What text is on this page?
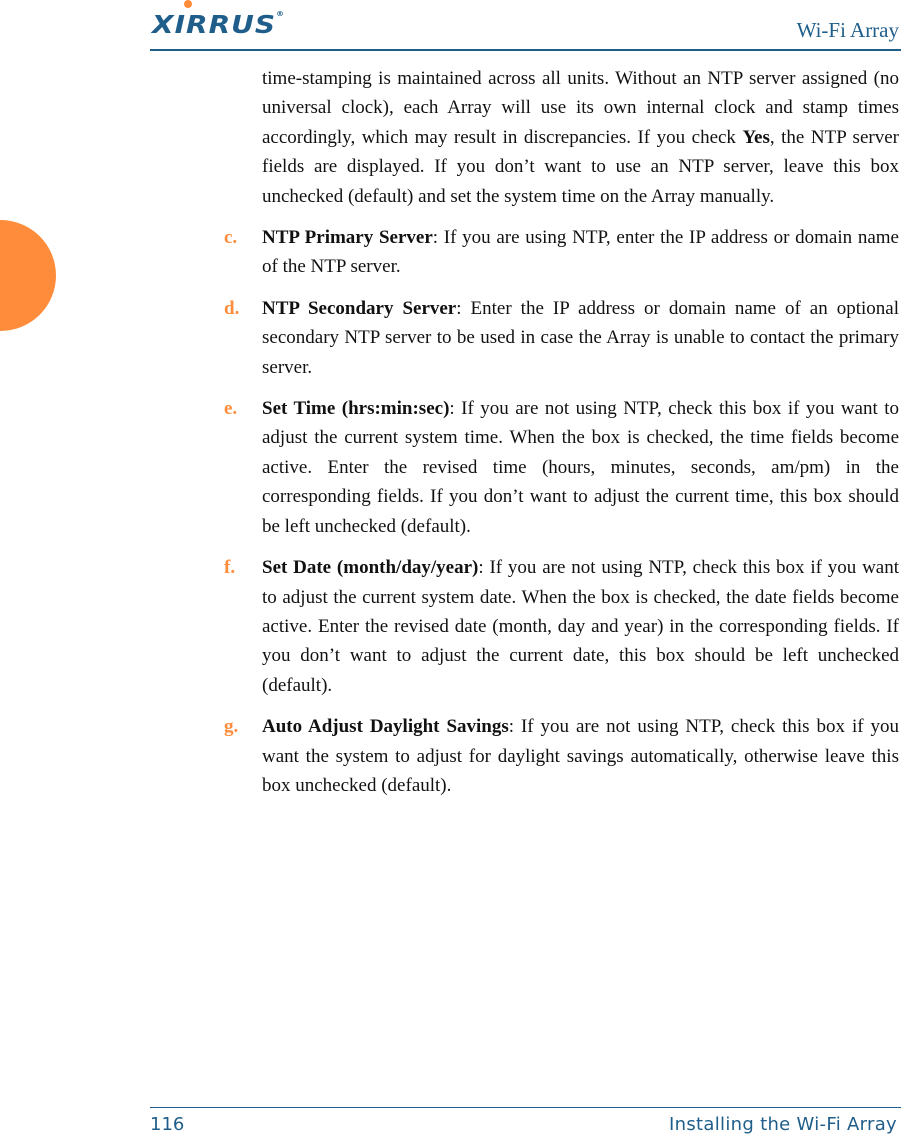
XIRRUS®
Wi-Fi Array

time-stamping is maintained across all units. Without an NTP server assigned (no universal clock), each Array will use its own internal clock and stamp times accordingly, which may result in discrepancies. If you check Yes, the NTP server fields are displayed. If you don’t want to use an NTP server, leave this box unchecked (default) and set the system time on the Array manually.

c. NTP Primary Server: If you are using NTP, enter the IP address or domain name of the NTP server.

d. NTP Secondary Server: Enter the IP address or domain name of an optional secondary NTP server to be used in case the Array is unable to contact the primary server.

e. Set Time (hrs:min:sec): If you are not using NTP, check this box if you want to adjust the current system time. When the box is checked, the time fields become active. Enter the revised time (hours, minutes, seconds, am/pm) in the corresponding fields. If you don’t want to adjust the current time, this box should be left unchecked (default).

f. Set Date (month/day/year): If you are not using NTP, check this box if you want to adjust the current system date. When the box is checked, the date fields become active. Enter the revised date (month, day and year) in the corresponding fields. If you don’t want to adjust the current date, this box should be left unchecked (default).

g. Auto Adjust Daylight Savings: If you are not using NTP, check this box if you want the system to adjust for daylight savings automatically, otherwise leave this box unchecked (default).

116	Installing the Wi-Fi Array
